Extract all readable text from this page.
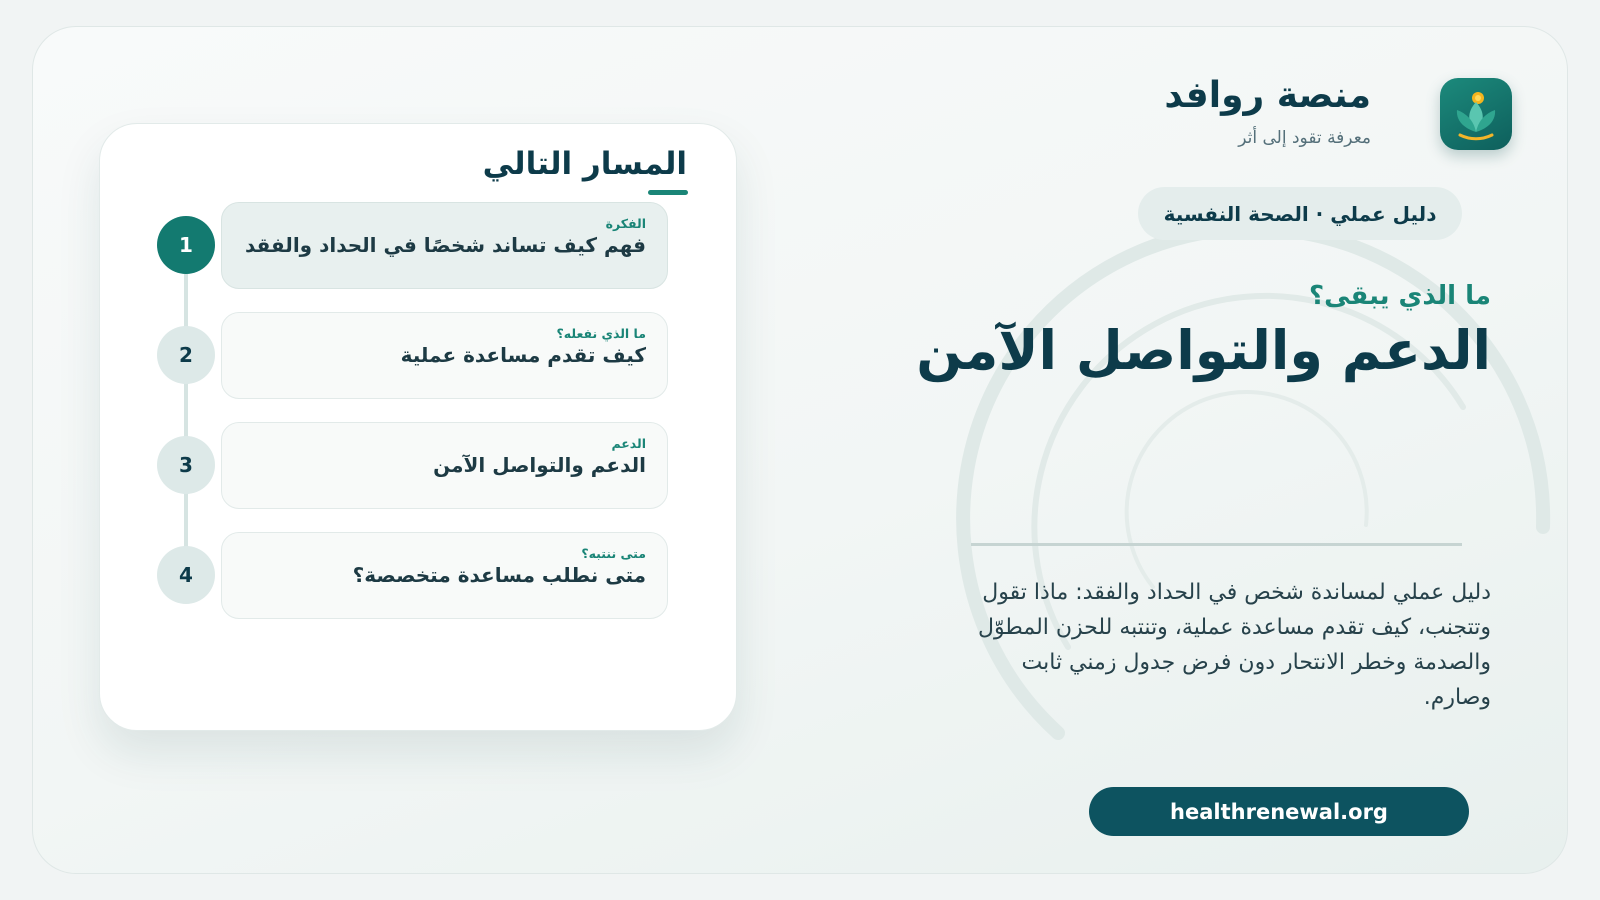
منصة روافد
معرفة تقود إلى أثر
دليل عملي · الصحة النفسية
ما الذي يبقى؟
الدعم والتواصل الآمن
دليل عملي لمساندة شخص في الحداد والفقد: ماذا تقول وتتجنب، كيف تقدم مساعدة عملية، وتنتبه للحزن المطوّل والصدمة وخطر الانتحار دون فرض جدول زمني ثابت وصارم.
healthrenewal.org
المسار التالي
1
الفكرة
فهم كيف تساند شخصًا في الحداد والفقد
2
ما الذي نفعله؟
كيف تقدم مساعدة عملية
3
الدعم
الدعم والتواصل الآمن
4
متى ننتبه؟
متى نطلب مساعدة متخصصة؟
